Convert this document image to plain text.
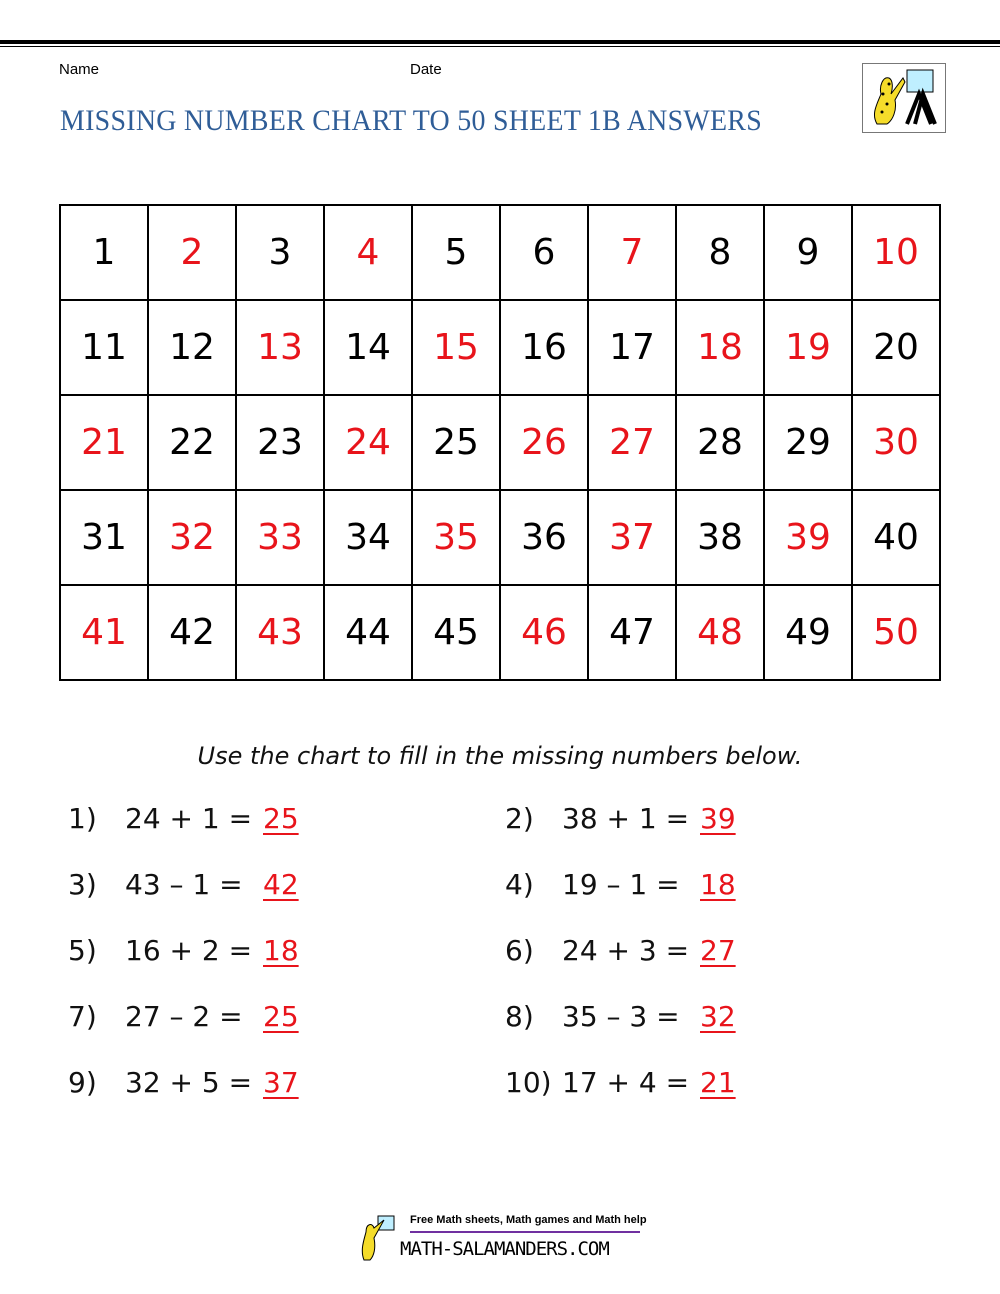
Name	Date
MISSING NUMBER CHART TO 50 SHEET 1B ANSWERS
1	2	3	4	5	6	7	8	9	10
11	12	13	14	15	16	17	18	19	20
21	22	23	24	25	26	27	28	29	30
31	32	33	34	35	36	37	38	39	40
41	42	43	44	45	46	47	48	49	50
Use the chart to fill in the missing numbers below.
1)	24 + 1 = 25	2)	38 + 1 = 39
3)	43 – 1 = 42	4)	19 – 1 = 18
5)	16 + 2 = 18	6)	24 + 3 = 27
7)	27 – 2 = 25	8)	35 – 3 = 32
9)	32 + 5 = 37	10) 17 + 4 = 21
Free Math sheets, Math games and Math help
MATH-SALAMANDERS.COM
